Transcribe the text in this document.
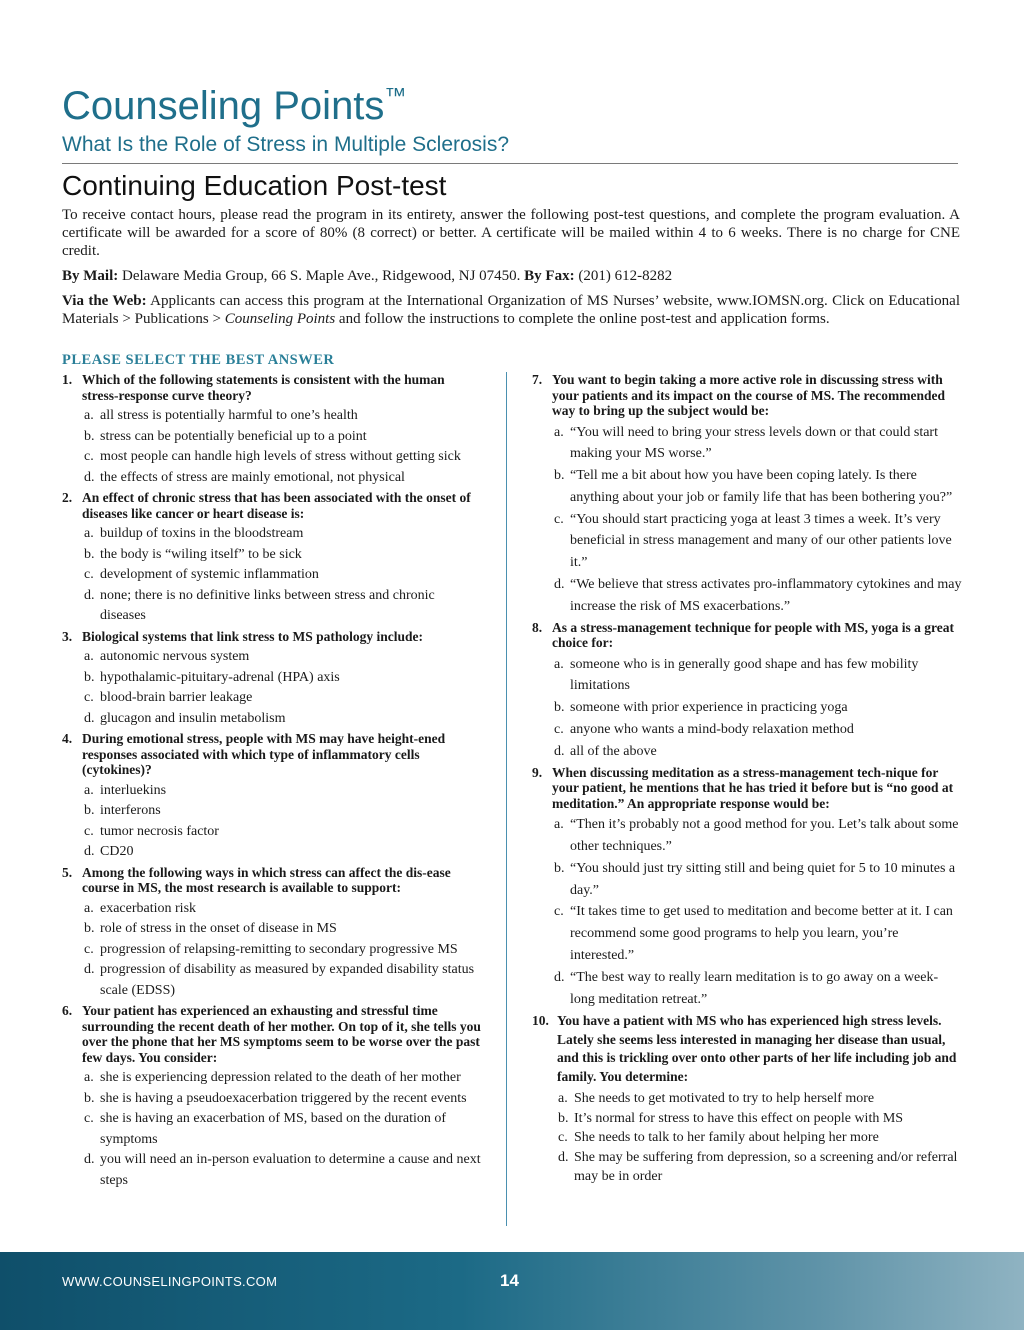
Counseling Points™
What Is the Role of Stress in Multiple Sclerosis?
Continuing Education Post-test

To receive contact hours, please read the program in its entirety, answer the following post-test questions, and complete the program evaluation. A certificate will be awarded for a score of 80% (8 correct) or better. A certificate will be mailed within 4 to 6 weeks. There is no charge for CNE credit.

By Mail: Delaware Media Group, 66 S. Maple Ave., Ridgewood, NJ 07450. By Fax: (201) 612-8282

Via the Web: Applicants can access this program at the International Organization of MS Nurses’ website, www.IOMSN.org. Click on Educational Materials > Publications > Counseling Points and follow the instructions to complete the online post-test and application forms.

PLEASE SELECT THE BEST ANSWER
1. Which of the following statements is consistent with the human stress-response curve theory?
a. all stress is potentially harmful to one’s health
b. stress can be potentially beneficial up to a point
c. most people can handle high levels of stress without getting sick
d. the effects of stress are mainly emotional, not physical
2. An effect of chronic stress that has been associated with the onset of diseases like cancer or heart disease is:
a. buildup of toxins in the bloodstream
b. the body is “wiling itself” to be sick
c. development of systemic inflammation
d. none; there is no definitive links between stress and chronic diseases
3. Biological systems that link stress to MS pathology include:
a. autonomic nervous system
b. hypothalamic-pituitary-adrenal (HPA) axis
c. blood-brain barrier leakage
d. glucagon and insulin metabolism
4. During emotional stress, people with MS may have height-ened responses associated with which type of inflammatory cells (cytokines)?
a. interluekins
b. interferons
c. tumor necrosis factor
d. CD20
5. Among the following ways in which stress can affect the dis-ease course in MS, the most research is available to support:
a. exacerbation risk
b. role of stress in the onset of disease in MS
c. progression of relapsing-remitting to secondary progressive MS
d. progression of disability as measured by expanded disability status scale (EDSS)
6. Your patient has experienced an exhausting and stressful time surrounding the recent death of her mother. On top of it, she tells you over the phone that her MS symptoms seem to be worse over the past few days. You consider:
a. she is experiencing depression related to the death of her mother
b. she is having a pseudoexacerbation triggered by the recent events
c. she is having an exacerbation of MS, based on the duration of symptoms
d. you will need an in-person evaluation to determine a cause and next steps
7. You want to begin taking a more active role in discussing stress with your patients and its impact on the course of MS. The recommended way to bring up the subject would be:
a. “You will need to bring your stress levels down or that could start making your MS worse.”
b. “Tell me a bit about how you have been coping lately. Is there anything about your job or family life that has been bothering you?”
c. “You should start practicing yoga at least 3 times a week. It’s very beneficial in stress management and many of our other patients love it.”
d. “We believe that stress activates pro-inflammatory cytokines and may increase the risk of MS exacerbations.”
8. As a stress-management technique for people with MS, yoga is a great choice for:
a. someone who is in generally good shape and has few mobility limitations
b. someone with prior experience in practicing yoga
c. anyone who wants a mind-body relaxation method
d. all of the above
9. When discussing meditation as a stress-management tech-nique for your patient, he mentions that he has tried it before but is “no good at meditation.” An appropriate response would be:
a. “Then it’s probably not a good method for you. Let’s talk about some other techniques.”
b. “You should just try sitting still and being quiet for 5 to 10 minutes a day.”
c. “It takes time to get used to meditation and become better at it. I can recommend some good programs to help you learn, you’re interested.”
d. “The best way to really learn meditation is to go away on a week-long meditation retreat.”
10. You have a patient with MS who has experienced high stress levels. Lately she seems less interested in managing her disease than usual, and this is trickling over onto other parts of her life including job and family. You determine:
a. She needs to get motivated to try to help herself more
b. It’s normal for stress to have this effect on people with MS
c. She needs to talk to her family about helping her more
d. She may be suffering from depression, so a screening and/or referral may be in order
WWW.COUNSELINGPOINTS.COM	14
